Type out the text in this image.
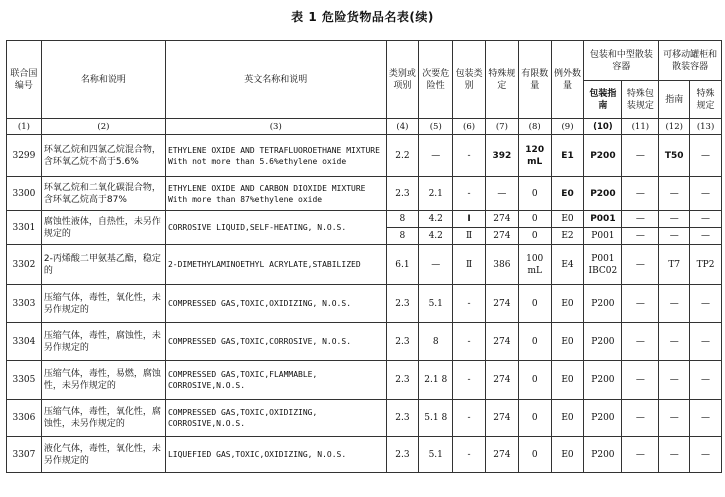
表 1 危险货物品名表(续)
联合国编号	名称和说明	英文名称和说明	类别或项别	次要危险性	包装类别	特殊规定	有限数量	例外数量	包装和中型散装容器		可移动罐柜和散装容器	
									包装指南	特殊包装规定	指南	特殊规定
(1)	(2)	(3)	(4)	(5)	(6)	(7)	(8)	(9)	(10)	(11)	(12)	(13)
3299	环氧乙烷和四氯乙烷混合物，含环氧乙烷不高于5.6%	ETHYLENE OXIDE AND TETRAFLUOROETHANE MIXTURE With not more than 5.6%ethylene oxide	2.2	—	-	392	120 mL	E1	P200	—	T50	—
3300	环氧乙烷和二氧化碳混合物，含环氧乙烷高于87%	ETHYLENE OXIDE AND CARBON DIOXIDE MIXTURE With more than 87%ethylene oxide	2.3	2.1	-	—	0	E0	P200	—	—	—
3301	腐蚀性液体，自热性，未另作规定的	CORROSIVE LIQUID,SELF-HEATING, N.O.S.	8	4.2	Ⅰ	274	0	E0	P001	—	—	—
			8	4.2	Ⅱ	274	0	E2	P001	—	—	—
3302	2-丙烯酸二甲氨基乙酯，稳定的	2-DIMETHYLAMINOETHYL ACRYLATE,STABILIZED	6.1	—	Ⅱ	386	100 mL	E4	P001 IBC02	—	T7	TP2
3303	压缩气体，毒性，氧化性，未另作规定的	COMPRESSED GAS,TOXIC,OXIDIZING, N.O.S.	2.3	5.1	-	274	0	E0	P200	—	—	—
3304	压缩气体，毒性，腐蚀性，未另作规定的	COMPRESSED GAS,TOXIC,CORROSIVE, N.O.S.	2.3	8	-	274	0	E0	P200	—	—	—
3305	压缩气体，毒性，易燃，腐蚀性，未另作规定的	COMPRESSED GAS,TOXIC,FLAMMABLE, CORROSIVE,N.O.S.	2.3	2.1 8	-	274	0	E0	P200	—	—	—
3306	压缩气体，毒性，氧化性，腐蚀性，未另作规定的	COMPRESSED GAS,TOXIC,OXIDIZING, CORROSIVE,N.O.S.	2.3	5.1 8	-	274	0	E0	P200	—	—	—
3307	液化气体，毒性，氧化性，未另作规定的	LIQUEFIED GAS,TOXIC,OXIDIZING, N.O.S.	2.3	5.1	-	274	0	E0	P200	—	—	—
